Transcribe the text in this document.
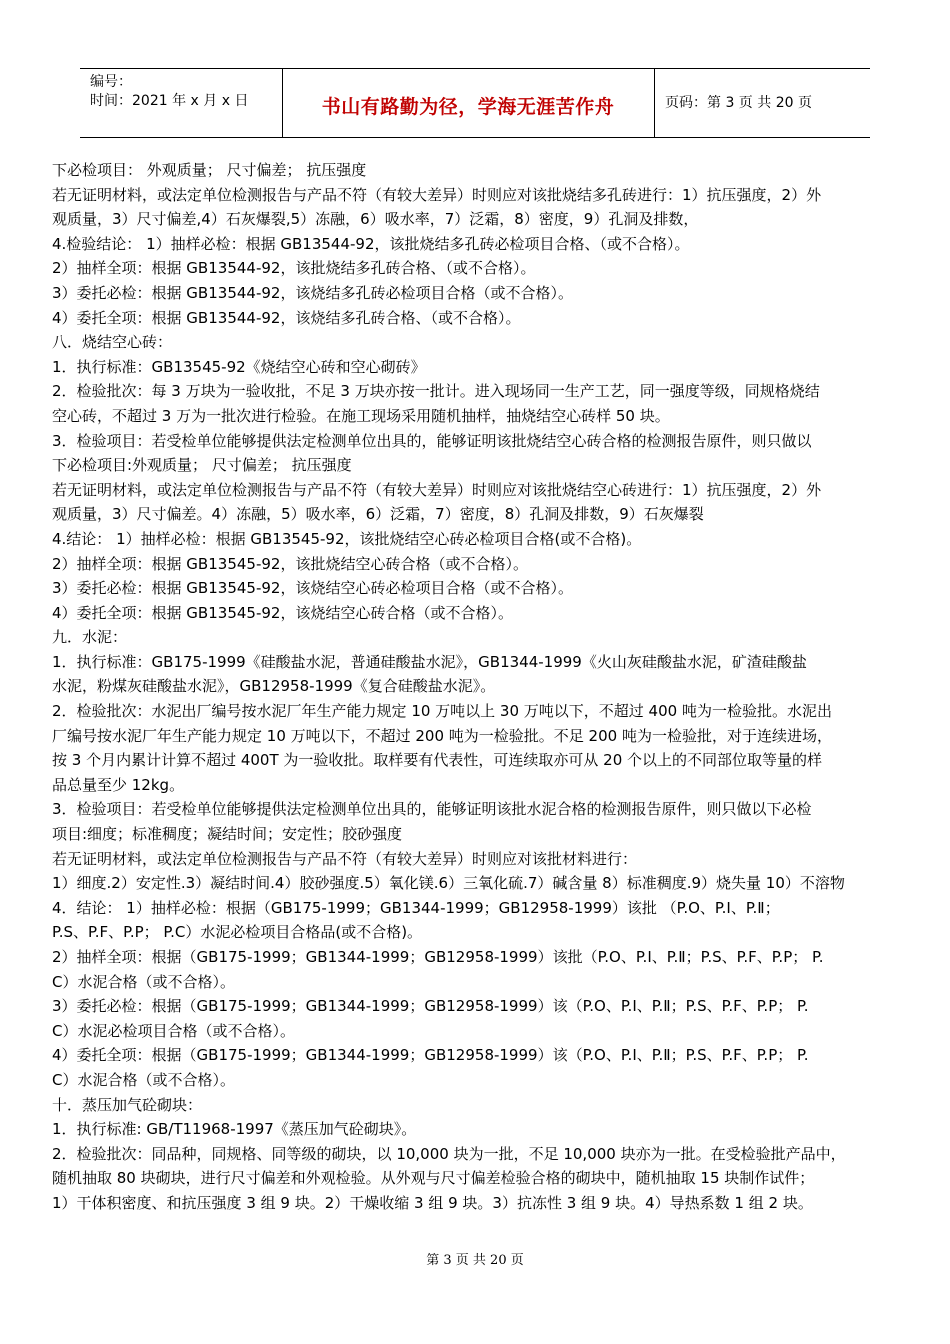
编号：
时间：2021 年 x 月 x 日	书山有路勤为径，学海无涯苦作舟	页码：第 3 页 共 20 页
下必检项目： 外观质量； 尺寸偏差； 抗压强度
若无证明材料，或法定单位检测报告与产品不符（有较大差异）时则应对该批烧结多孔砖进行：1）抗压强度，2）外
观质量，3）尺寸偏差,4）石灰爆裂,5）冻融，6）吸水率，7）泛霜，8）密度，9）孔洞及排数，
4.检验结论： 1）抽样必检：根据 GB13544-92，该批烧结多孔砖必检项目合格、（或不合格）。
2）抽样全项：根据 GB13544-92，该批烧结多孔砖合格、（或不合格）。
3）委托必检：根据 GB13544-92，该烧结多孔砖必检项目合格（或不合格）。
4）委托全项：根据 GB13544-92，该烧结多孔砖合格、（或不合格）。
八．烧结空心砖：
1．执行标准：GB13545-92《烧结空心砖和空心砌砖》
2．检验批次：每 3 万块为一验收批，不足 3 万块亦按一批计。进入现场同一生产工艺，同一强度等级，同规格烧结
空心砖，不超过 3 万为一批次进行检验。在施工现场采用随机抽样，抽烧结空心砖样 50 块。
3．检验项目：若受检单位能够提供法定检测单位出具的，能够证明该批烧结空心砖合格的检测报告原件，则只做以
下必检项目:外观质量； 尺寸偏差； 抗压强度
若无证明材料，或法定单位检测报告与产品不符（有较大差异）时则应对该批烧结空心砖进行：1）抗压强度，2）外
观质量，3）尺寸偏差。4）冻融，5）吸水率，6）泛霜，7）密度，8）孔洞及排数，9）石灰爆裂
4.结论： 1）抽样必检：根据 GB13545-92，该批烧结空心砖必检项目合格(或不合格)。
2）抽样全项：根据 GB13545-92，该批烧结空心砖合格（或不合格）。
3）委托必检：根据 GB13545-92，该烧结空心砖必检项目合格（或不合格）。
4）委托全项：根据 GB13545-92，该烧结空心砖合格（或不合格）。
九．水泥：
1．执行标准：GB175-1999《硅酸盐水泥，普通硅酸盐水泥》，GB1344-1999《火山灰硅酸盐水泥，矿渣硅酸盐
水泥，粉煤灰硅酸盐水泥》，GB12958-1999《复合硅酸盐水泥》。
2．检验批次：水泥出厂编号按水泥厂年生产能力规定 10 万吨以上 30 万吨以下，不超过 400 吨为一检验批。水泥出
厂编号按水泥厂年生产能力规定 10 万吨以下，不超过 200 吨为一检验批。不足 200 吨为一检验批，对于连续进场，
按 3 个月内累计计算不超过 400T 为一验收批。取样要有代表性，可连续取亦可从 20 个以上的不同部位取等量的样
品总量至少 12kg。
3．检验项目：若受检单位能够提供法定检测单位出具的，能够证明该批水泥合格的检测报告原件，则只做以下必检
项目:细度；标准稠度；凝结时间；安定性；胶砂强度
若无证明材料，或法定单位检测报告与产品不符（有较大差异）时则应对该批材料进行：
1）细度.2）安定性.3）凝结时间.4）胶砂强度.5）氧化镁.6）三氧化硫.7）碱含量 8）标准稠度.9）烧失量 10）不溶物
4．结论： 1）抽样必检：根据（GB175-1999；GB1344-1999；GB12958-1999）该批 （P.O、P.I、P.Ⅱ；
P.S、P.F、P.P； P.C）水泥必检项目合格品(或不合格)。
2）抽样全项：根据（GB175-1999；GB1344-1999；GB12958-1999）该批（P.O、P.I、P.Ⅱ；P.S、P.F、P.P； P.
C）水泥合格（或不合格）。
3）委托必检：根据（GB175-1999；GB1344-1999；GB12958-1999）该（P.O、P.I、P.Ⅱ；P.S、P.F、P.P； P.
C）水泥必检项目合格（或不合格）。
4）委托全项：根据（GB175-1999；GB1344-1999；GB12958-1999）该（P.O、P.I、P.Ⅱ；P.S、P.F、P.P； P.
C）水泥合格（或不合格）。
十．蒸压加气砼砌块：
1．执行标准: GB/T11968-1997《蒸压加气砼砌块》。
2．检验批次：同品种，同规格、同等级的砌块，以 10,000 块为一批，不足 10,000 块亦为一批。在受检验批产品中，
随机抽取 80 块砌块，进行尺寸偏差和外观检验。从外观与尺寸偏差检验合格的砌块中，随机抽取 15 块制作试件；
1）干体积密度、和抗压强度 3 组 9 块。2）干燥收缩 3 组 9 块。3）抗冻性 3 组 9 块。4）导热系数 1 组 2 块。
第 3 页 共 20 页
